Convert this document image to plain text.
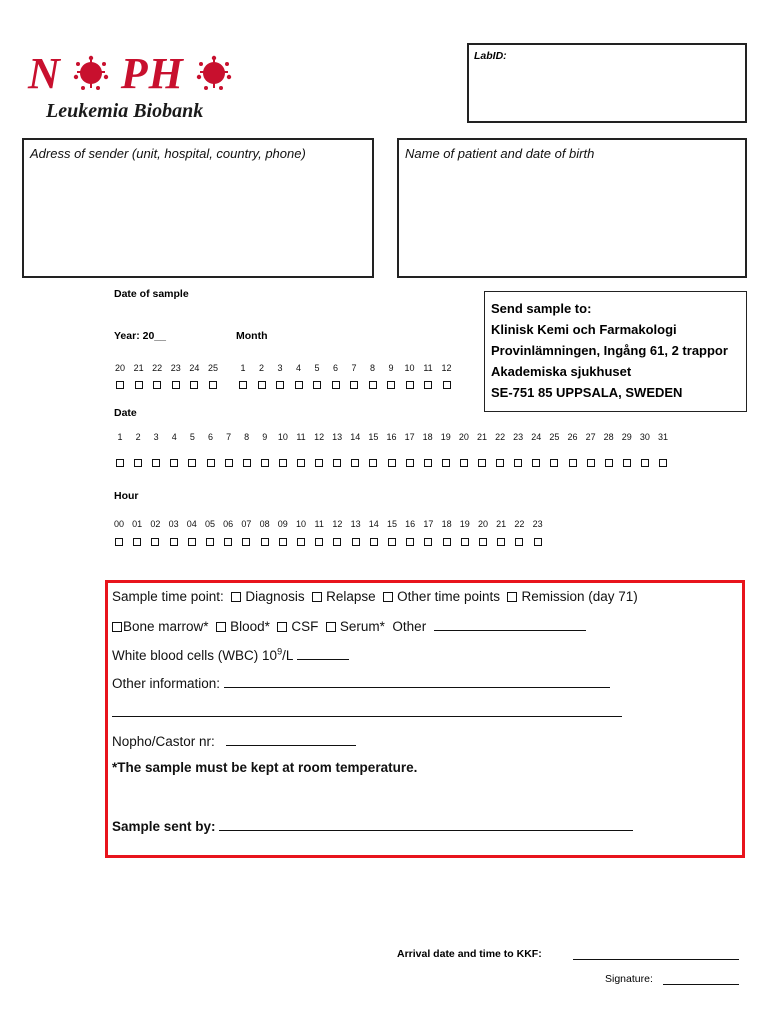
N PH
Leukemia Biobank
LabID:
Adress of sender (unit, hospital, country, phone)	Name of patient and date of birth
Date of sample
Year: 20__	Month
20 21 22 23 24 25	1	2	3	4	5	6	7	8	9	10 11 12
Date
1	2	3	4	5	6	7	8	9	10 11 12 13 14 15 16 17 18 19 20 21 22 23 24 25 26 27 28 29 30 31
Hour
00 01 02 03 04 05 06 07 08 09 10 11 12 13 14 15 16 17 18 19 20 21 22 23
Send sample to:
Klinisk Kemi och Farmakologi
Provinlämningen, Ingång 61, 2 trappor
Akademiska sjukhuset
SE-751 85 UPPSALA, SWEDEN
Sample time point: Diagnosis Relapse Other time points Remission (day 71)
Bone marrow* Blood* CSF Serum* Other
White blood cells (WBC) $10^9/L$
Other information:
Nopho/Castor nr:
*The sample must be kept at room temperature.
Sample sent by:
Arrival date and time to KKF:
Signature:
